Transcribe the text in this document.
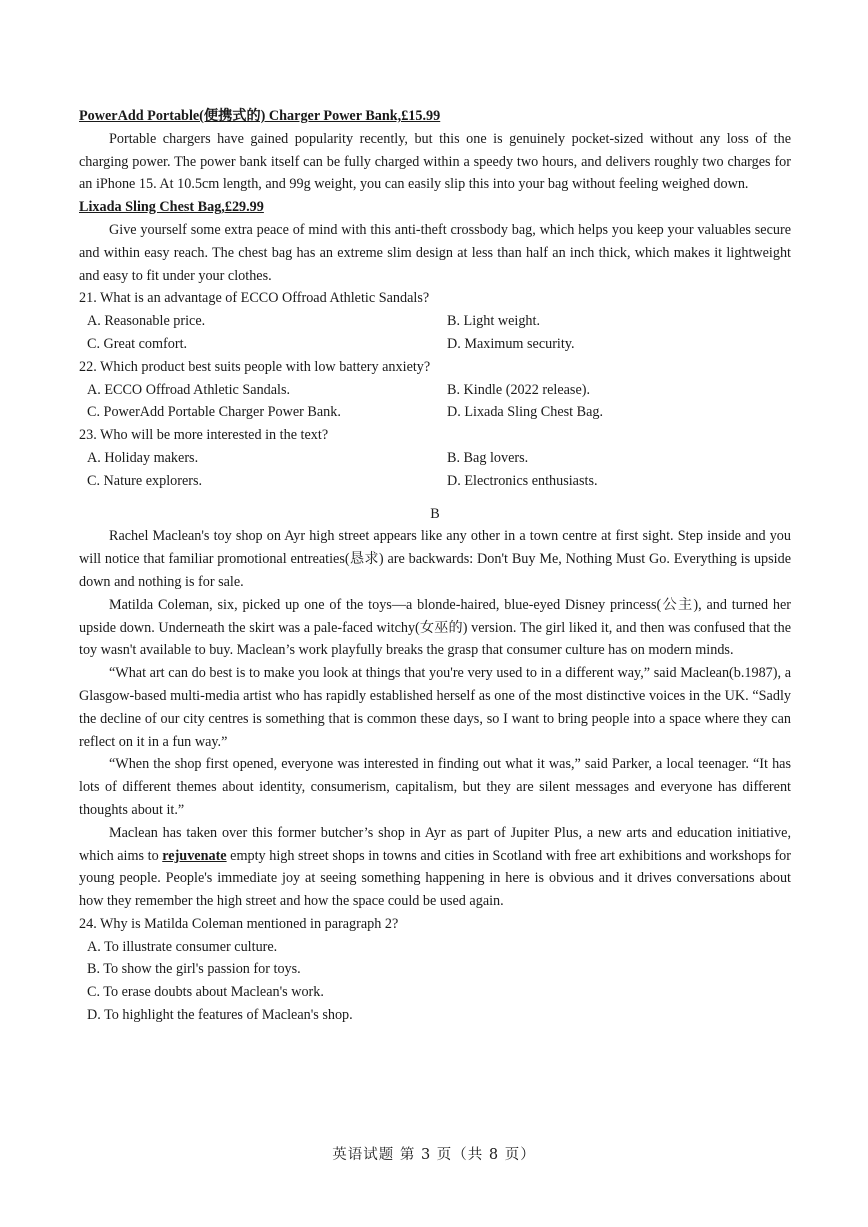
PowerAdd Portable(便携式的) Charger Power Bank,£15.99

Portable chargers have gained popularity recently, but this one is genuinely pocket-sized without any loss of the charging power. The power bank itself can be fully charged within a speedy two hours, and delivers roughly two charges for an iPhone 15. At 10.5cm length, and 99g weight, you can easily slip this into your bag without feeling weighed down.

Lixada Sling Chest Bag,£29.99

Give yourself some extra peace of mind with this anti-theft crossbody bag, which helps you keep your valuables secure and within easy reach. The chest bag has an extreme slim design at less than half an inch thick, which makes it lightweight and easy to fit under your clothes.

21. What is an advantage of ECCO Offroad Athletic Sandals?

A. Reasonable price.	B. Light weight.

C. Great comfort.	D. Maximum security.

22. Which product best suits people with low battery anxiety?

A. ECCO Offroad Athletic Sandals.	B. Kindle (2022 release).

C. PowerAdd Portable Charger Power Bank.	D. Lixada Sling Chest Bag.

23. Who will be more interested in the text?

A. Holiday makers.	B. Bag lovers.

C. Nature explorers.	D. Electronics enthusiasts.

B

Rachel Maclean's toy shop on Ayr high street appears like any other in a town centre at first sight. Step inside and you will notice that familiar promotional entreaties(恳求) are backwards: Don't Buy Me, Nothing Must Go. Everything is upside down and nothing is for sale.

Matilda Coleman, six, picked up one of the toys—a blonde-haired, blue-eyed Disney princess(公主), and turned her upside down. Underneath the skirt was a pale-faced witchy(女巫的) version. The girl liked it, and then was confused that the toy wasn't available to buy. Maclean’s work playfully breaks the grasp that consumer culture has on modern minds.

“What art can do best is to make you look at things that you're very used to in a different way,” said Maclean(b.1987), a Glasgow-based multi-media artist who has rapidly established herself as one of the most distinctive voices in the UK. “Sadly the decline of our city centres is something that is common these days, so I want to bring people into a space where they can reflect on it in a fun way.”

“When the shop first opened, everyone was interested in finding out what it was,” said Parker, a local teenager. “It has lots of different themes about identity, consumerism, capitalism, but they are silent messages and everyone has different thoughts about it.”

Maclean has taken over this former butcher’s shop in Ayr as part of Jupiter Plus, a new arts and education initiative, which aims to rejuvenate empty high street shops in towns and cities in Scotland with free art exhibitions and workshops for young people. People's immediate joy at seeing something happening in here is obvious and it drives conversations about how they remember the high street and how the space could be used again.

24. Why is Matilda Coleman mentioned in paragraph 2?

A. To illustrate consumer culture.

B. To show the girl's passion for toys.

C. To erase doubts about Maclean's work.

D. To highlight the features of Maclean's shop.

英语试题 第 3 页（共 8 页）
